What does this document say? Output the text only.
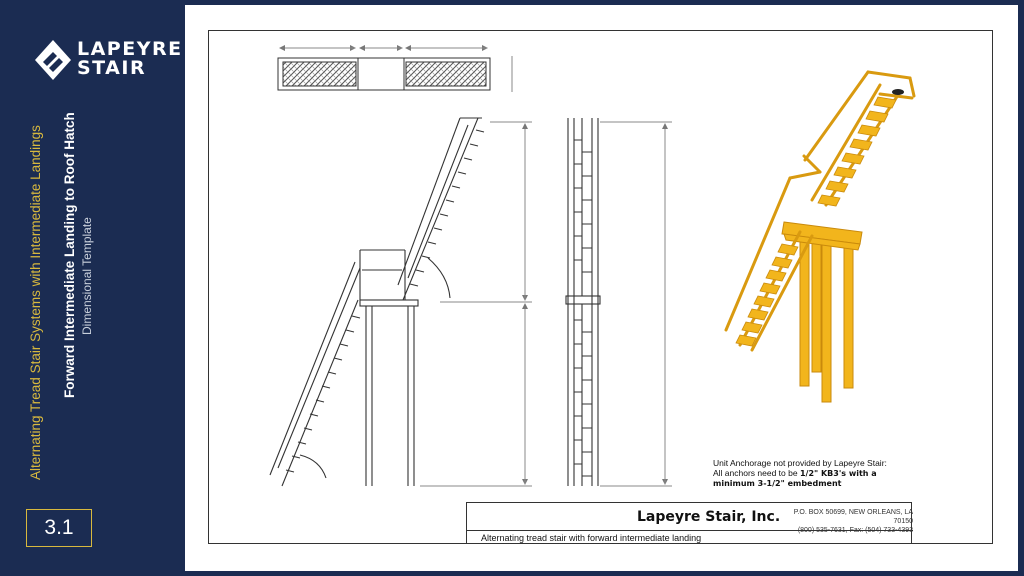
LAPEYRE
STAIR
Alternating Tread Stair Systems with Intermediate Landings Forward Intermediate Landing to Roof Hatch Dimensional Template
3.1
Unit Anchorage not provided by Lapeyre Stair:
All anchors need to be 1/2" KB3's with a
minimum 3-1/2" embedment
Lapeyre Stair, Inc.	P.O. BOX 50699, NEW ORLEANS, LA 70150
(800) 535-7631, Fax: (504) 733-4393
Alternating tread stair with forward intermediate landing
